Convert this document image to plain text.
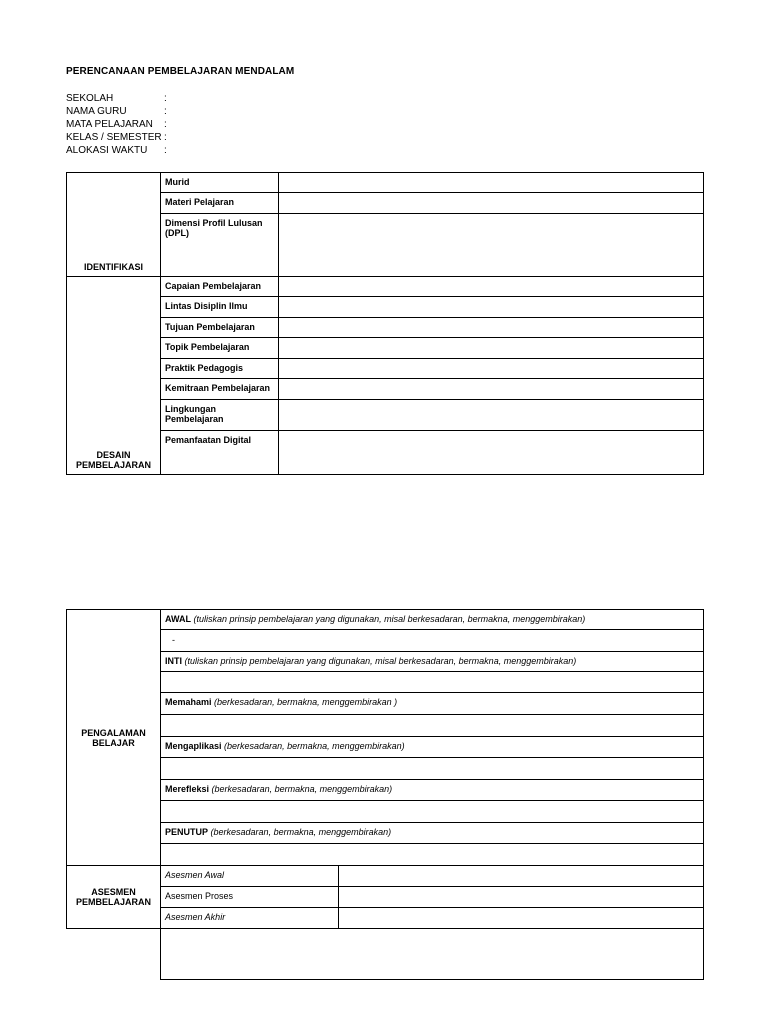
PERENCANAAN PEMBELAJARAN MENDALAM
SEKOLAH	:
NAMA GURU	:
MATA PELAJARAN	:
KELAS / SEMESTER :
ALOKASI WAKTU	:
IDENTIFIKASI	Murid	
	Materi Pelajaran	
	Dimensi Profil Lulusan (DPL)	
DESAIN PEMBELAJARAN	Capaian Pembelajaran	
	Lintas Disiplin Ilmu	
	Tujuan Pembelajaran	
	Topik Pembelajaran	
	Praktik Pedagogis	
	Kemitraan Pembelajaran	
	Lingkungan Pembelajaran	
	Pemanfaatan Digital	
PENGALAMAN BELAJAR	AWAL (tuliskan prinsip pembelajaran yang digunakan, misal berkesadaran, bermakna, menggembirakan)	
	-	
	INTI (tuliskan prinsip pembelajaran yang digunakan, misal berkesadaran, bermakna, menggembirakan)	

	Memahami (berkesadaran, bermakna, menggembirakan )	

	Mengaplikasi (berkesadaran, bermakna, menggembirakan)	

	Merefleksi (berkesadaran, bermakna, menggembirakan)	

	PENUTUP (berkesadaran, bermakna, menggembirakan)	

ASESMEN PEMBELAJARAN	Asesmen Awal	
	Asesmen Proses	
	Asesmen Akhir	
